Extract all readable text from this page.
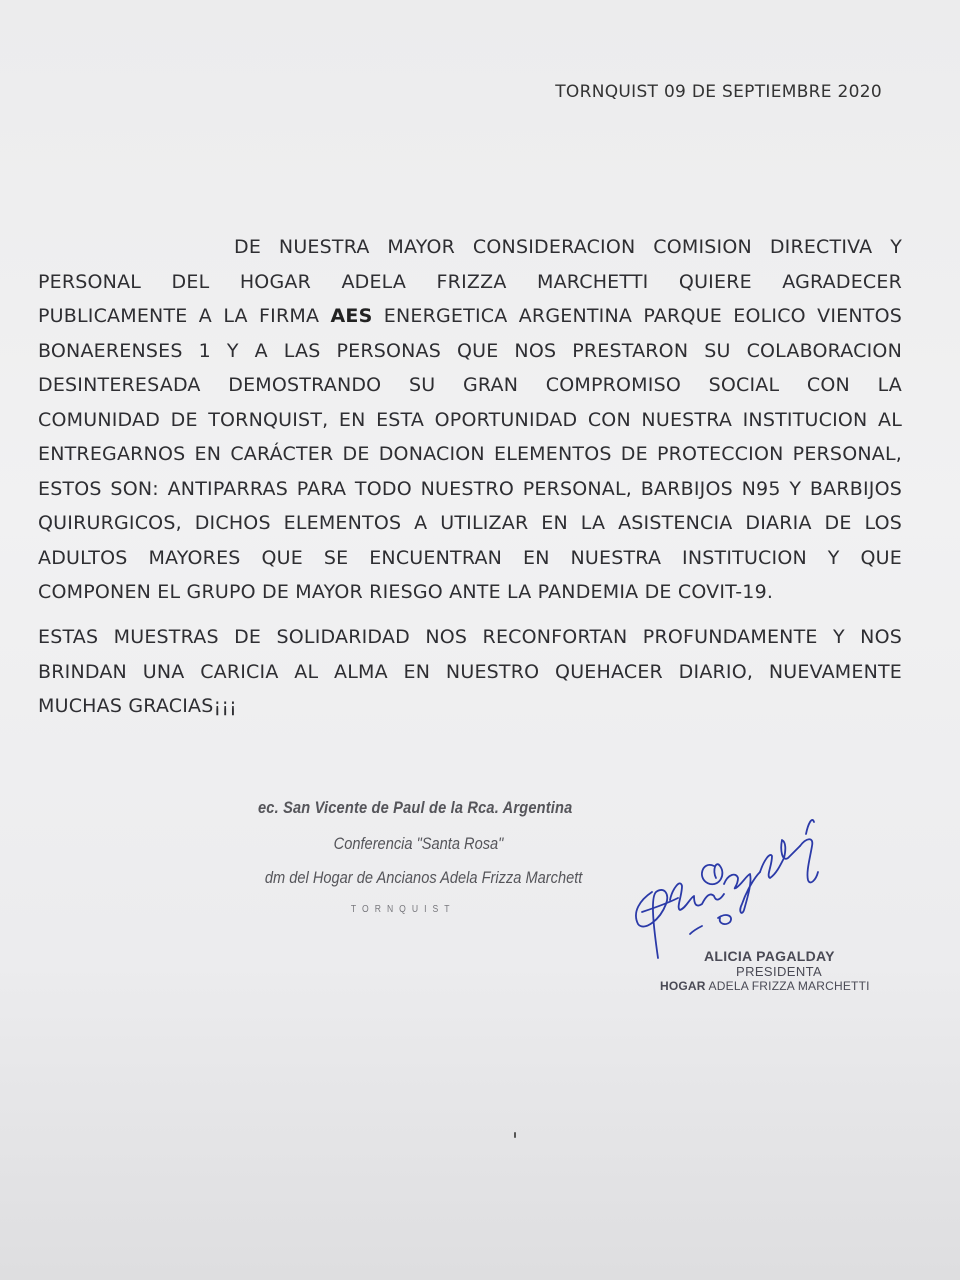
TORNQUIST 09 DE SEPTIEMBRE 2020
DE NUESTRA MAYOR CONSIDERACION COMISION DIRECTIVA Y
PERSONAL DEL HOGAR ADELA FRIZZA MARCHETTI QUIERE AGRADECER
PUBLICAMENTE A LA FIRMA AES ENERGETICA ARGENTINA PARQUE EOLICO VIENTOS
BONAERENSES 1 Y A LAS PERSONAS QUE NOS PRESTARON SU COLABORACION
DESINTERESADA DEMOSTRANDO SU GRAN COMPROMISO SOCIAL CON LA
COMUNIDAD DE TORNQUIST, EN ESTA OPORTUNIDAD CON NUESTRA INSTITUCION AL
ENTREGARNOS EN CARÁCTER DE DONACION ELEMENTOS DE PROTECCION PERSONAL,
ESTOS SON: ANTIPARRAS PARA TODO NUESTRO PERSONAL, BARBIJOS N95 Y BARBIJOS
QUIRURGICOS, DICHOS ELEMENTOS A UTILIZAR EN LA ASISTENCIA DIARIA DE LOS
ADULTOS MAYORES QUE SE ENCUENTRAN EN NUESTRA INSTITUCION Y QUE
COMPONEN EL GRUPO DE MAYOR RIESGO ANTE LA PANDEMIA DE COVIT-19.
ESTAS MUESTRAS DE SOLIDARIDAD NOS RECONFORTAN PROFUNDAMENTE Y NOS
BRINDAN UNA CARICIA AL ALMA EN NUESTRO QUEHACER DIARIO, NUEVAMENTE
MUCHAS GRACIAS¡¡¡
ec. San Vicente de Paul de la Rca. Argentina
Conferencia "Santa Rosa"
dm del Hogar de Ancianos Adela Frizza Marchett
TORNQUIST
ALICIA PAGALDAY
PRESIDENTA
HOGAR ADELA FRIZZA MARCHETTI
